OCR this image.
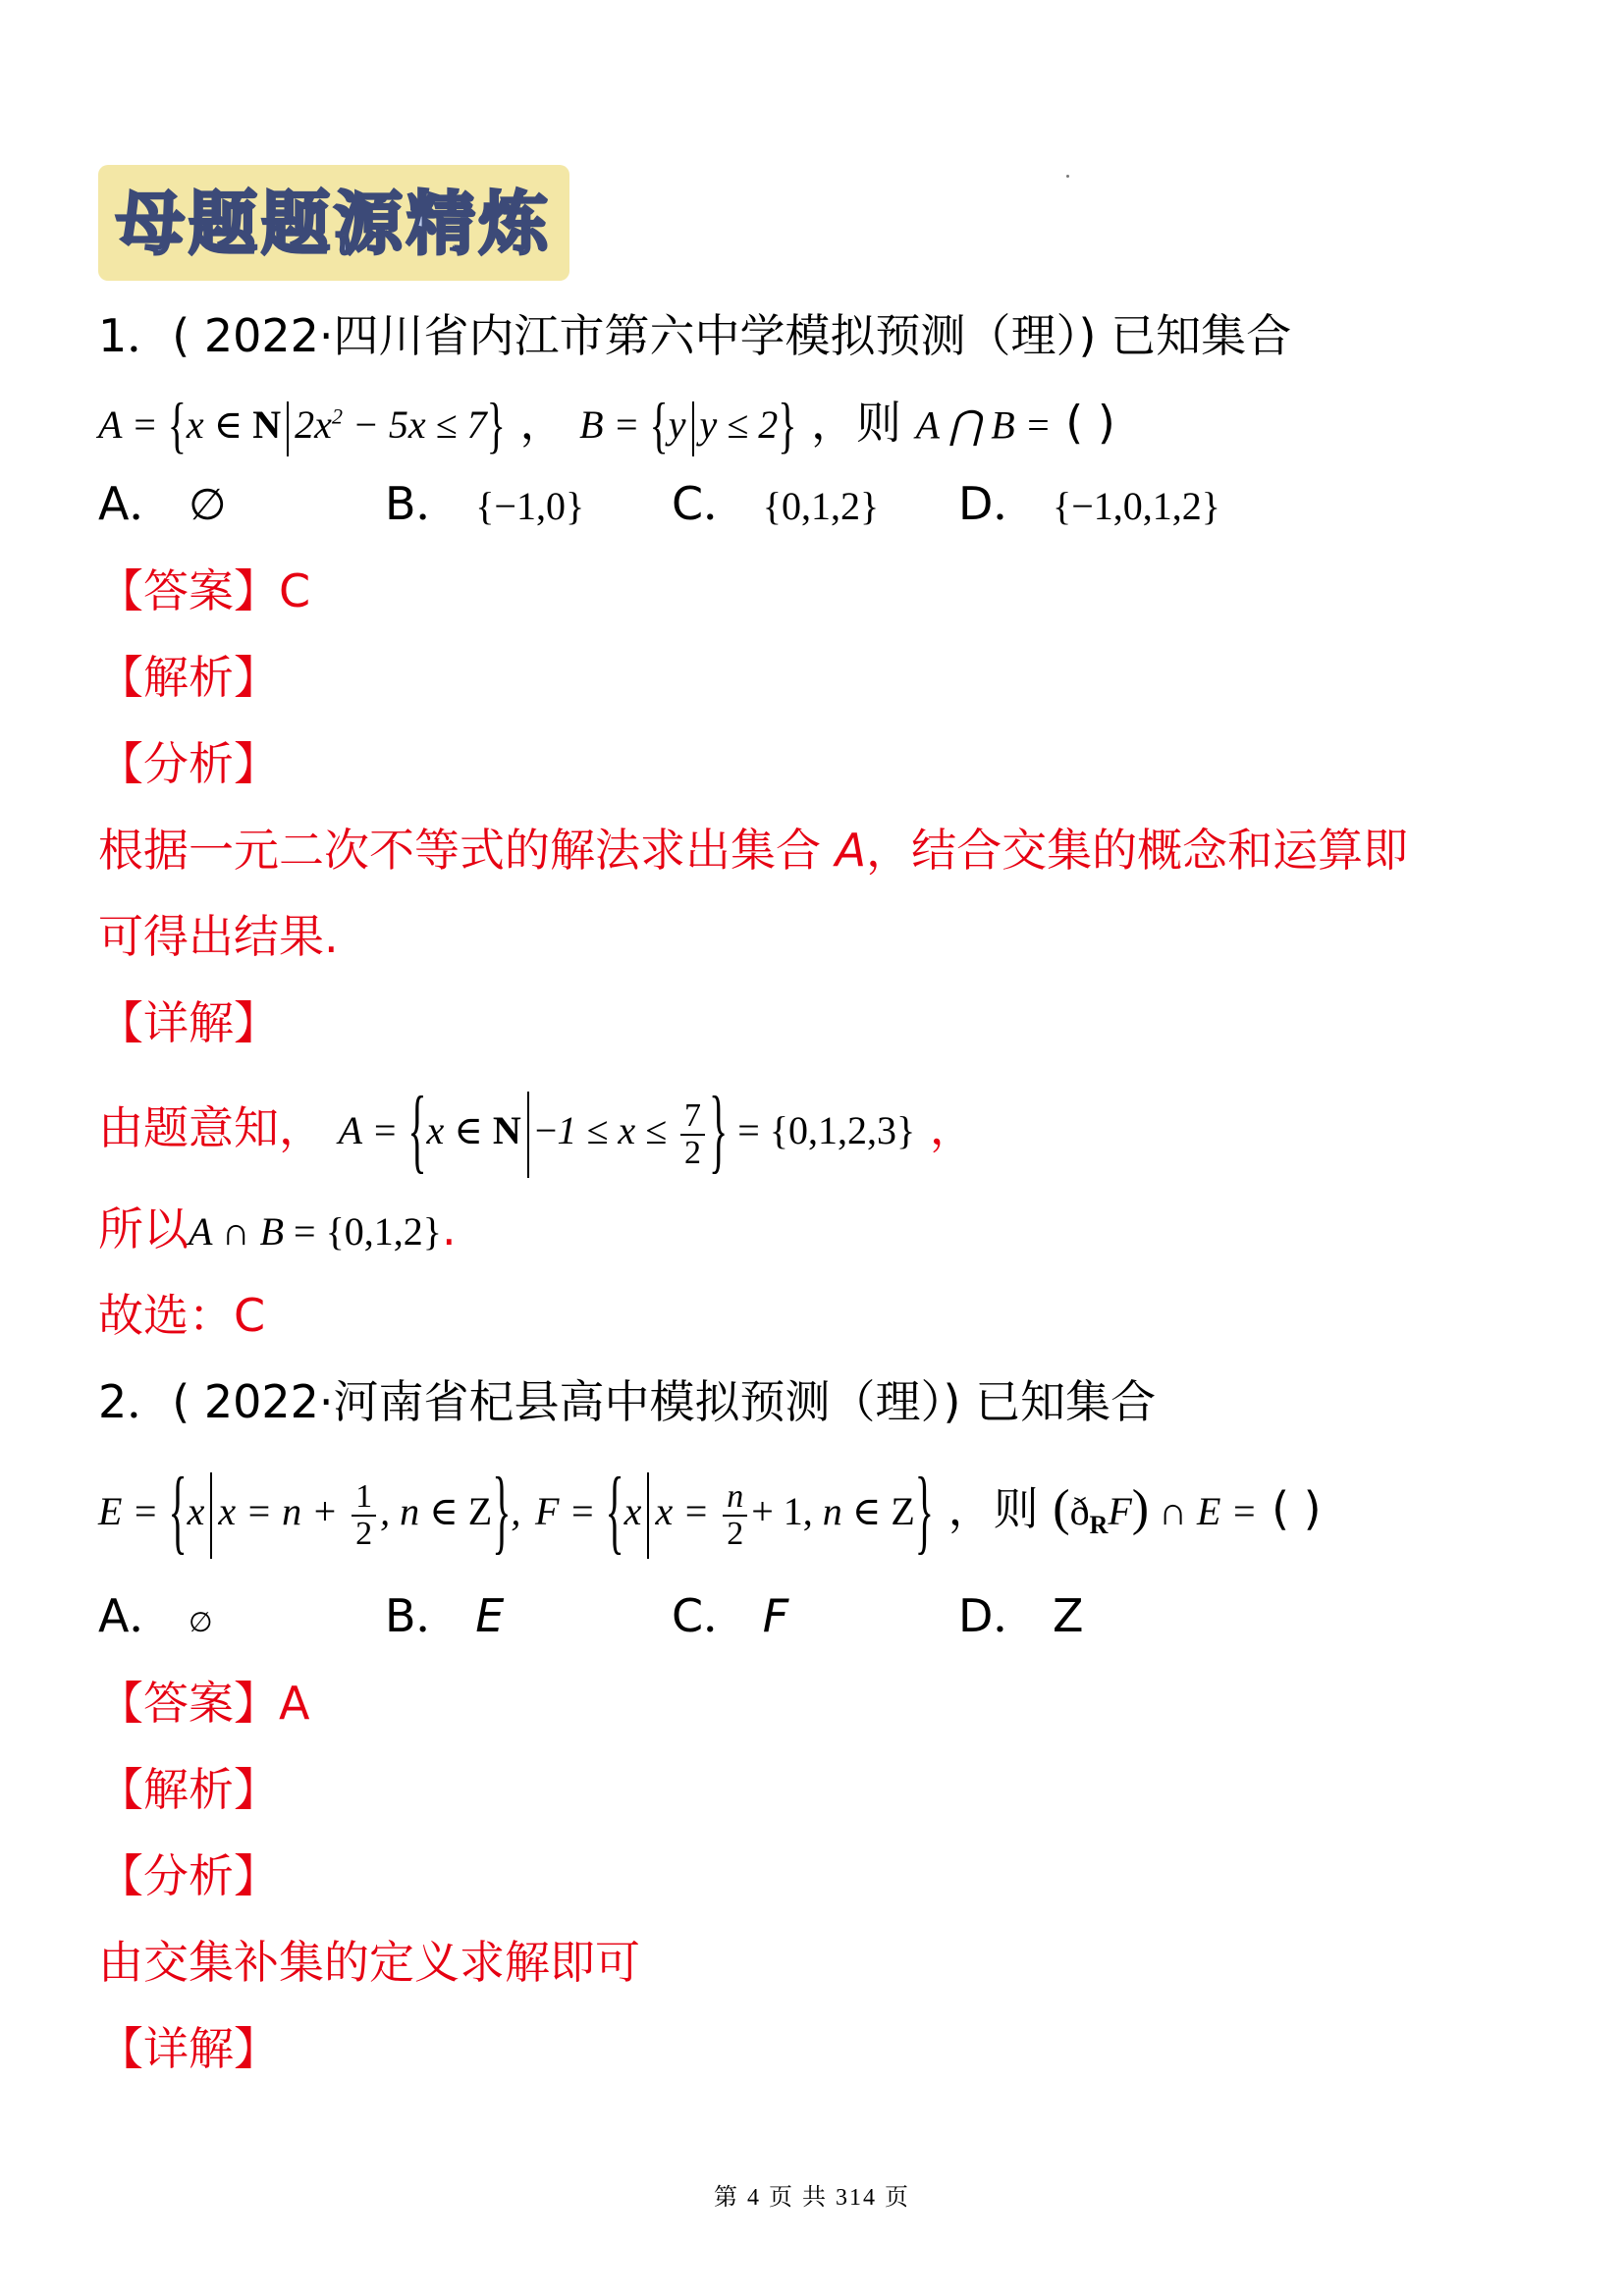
母题题源精炼
1．( 2022·四川省内江市第六中学模拟预测（理）) 已知集合
A = {x ∈ N $2x^2 - 5x \le 7$} ， B = {y y ≤ 2} ，则 A ⋂ B = ( )
A． ∅	B． {−1,0} C． {0,1,2} D． {−1,0,1,2}
【答案】C
【解析】
【分析】
根据一元二次不等式的解法求出集合 A，结合交集的概念和运算即
可得出结果.
【详解】
由题意知， A = {x ∈ $N -1 \le x \le \frac{7}{2}$ } = {0,1,2,3} ，
所以A ∩ B = {0,1,2}.
故选：C
2．( 2022·河南省杞县高中模拟预测（理）) 已知集合
E = {x $x = n + \frac{1}{2}$ , n ∈ Z}, F = {x $x = \frac{n}{2} + 1$, n ∈ Z} ，则 $(ð_RF)$ ∩ E = ( )
A． ∅	B． E	C． F	D． Z
【答案】A
【解析】
【分析】
由交集补集的定义求解即可
【详解】
第 4 页 共 314 页
